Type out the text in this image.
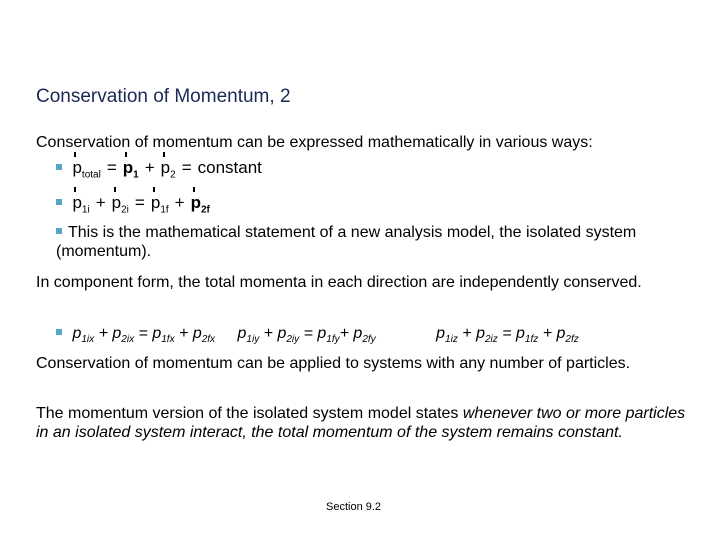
Conservation of Momentum, 2
Conservation of momentum can be expressed mathematically in various ways:

$p_{total} = p_1 + p_2$ = constant

$p_{1i} + p_{2i} = p_{1f} + p_{2f}$
This is the mathematical statement of a new analysis model, the isolated system (momentum).
In component form, the total momenta in each direction are independently conserved.
$p_{1ix} + p_{2ix} = p_{1fx} + p_{2fx}$ $p_{1iy} + p_{2iy} = p_{1fy}+ p_{2fy}$	$p_{1iz} + p_{2iz} = p_{1fz} + p_{2fz}$
Conservation of momentum can be applied to systems with any number of particles.
The momentum version of the isolated system model states whenever two or more particles in an isolated system interact, the total momentum of the system remains constant.
Section 9.2
